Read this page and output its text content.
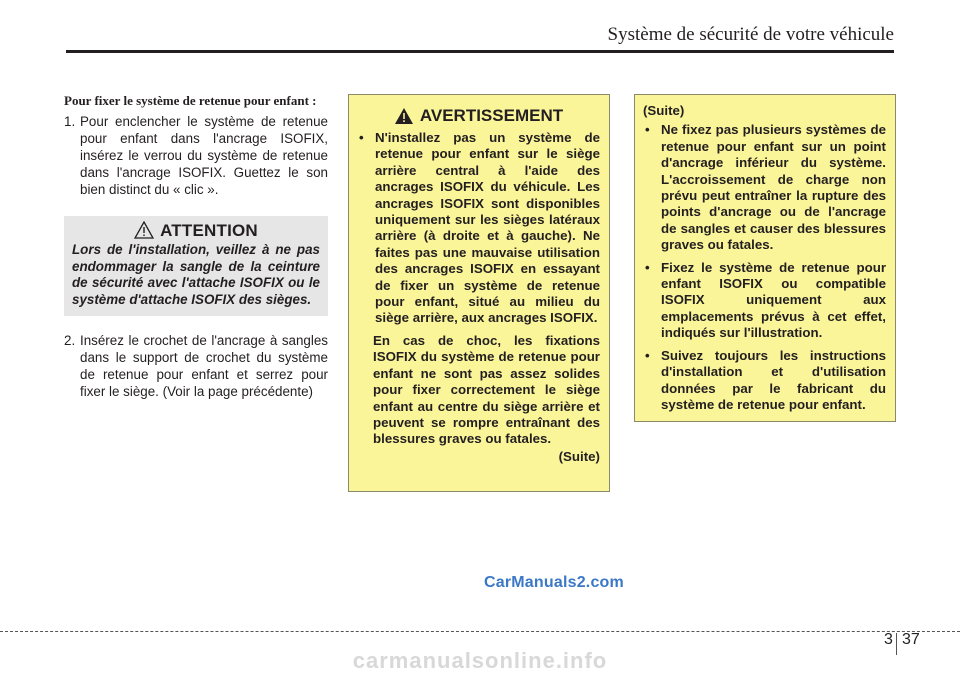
Système de sécurité de votre véhicule

Pour fixer le système de retenue pour enfant :

1. Pour enclencher le système de retenue pour enfant dans l'ancrage ISOFIX, insérez le verrou du système de retenue dans l'ancrage ISOFIX. Guettez le son bien distinct du « clic ».
ATTENTION
Lors de l'installation, veillez à ne pas endommager la sangle de la ceinture de sécurité avec l'attache ISOFIX ou le système d'attache ISOFIX des sièges.
2. Insérez le crochet de l'ancrage à sangles dans le support de crochet du système de retenue pour enfant et serrez pour fixer le siège. (Voir la page précédente)
AVERTISSEMENT
• N'installez pas un système de retenue pour enfant sur le siège arrière central à l'aide des ancrages ISOFIX du véhicule. Les ancrages ISOFIX sont disponibles uniquement sur les sièges latéraux arrière (à droite et à gauche). Ne faites pas une mauvaise utilisation des ancrages ISOFIX en essayant de fixer un système de retenue pour enfant, situé au milieu du siège arrière, aux ancrages ISOFIX.

En cas de choc, les fixations ISOFIX du système de retenue pour enfant ne sont pas assez solides pour fixer correctement le siège enfant au centre du siège arrière et peuvent se rompre entraînant des blessures graves ou fatales.

(Suite)
(Suite)
• Ne fixez pas plusieurs systèmes de retenue pour enfant sur un point d'ancrage inférieur du système. L'accroissement de charge non prévu peut entraîner la rupture des points d'ancrage ou de l'ancrage de sangles et causer des blessures graves ou fatales.
• Fixez le système de retenue pour enfant ISOFIX ou compatible ISOFIX uniquement aux emplacements prévus à cet effet, indiqués sur l'illustration.
• Suivez toujours les instructions d'installation et d'utilisation données par le fabricant du système de retenue pour enfant.
CarManuals2.com
3 37
carmanualsonline.info
